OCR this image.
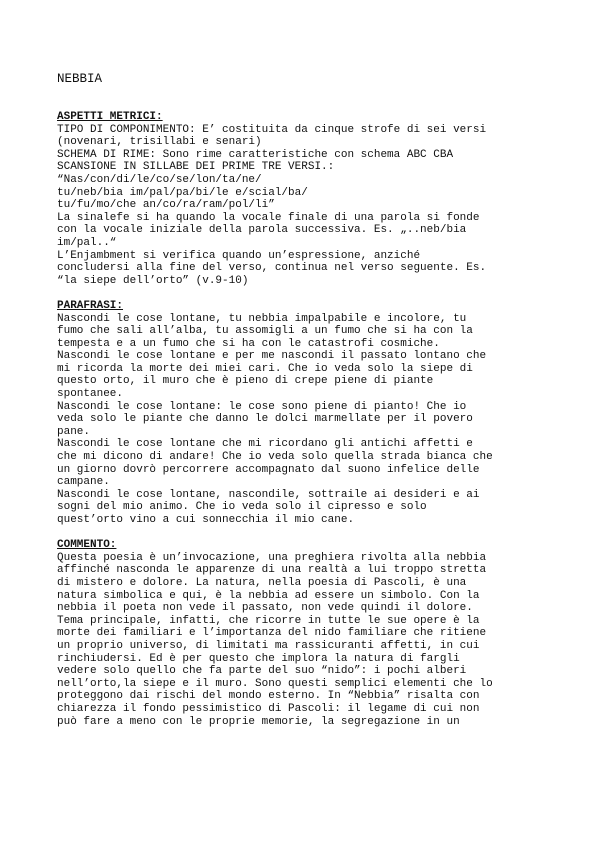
NEBBIA
ASPETTI METRICI:
TIPO DI COMPONIMENTO: E’ costituita da cinque strofe di sei versi
(novenari, trisillabi e senari)
SCHEMA DI RIME: Sono rime caratteristiche con schema ABC CBA
SCANSIONE IN SILLABE DEI PRIME TRE VERSI.:
“Nas/con/di/le/co/se/lon/ta/ne/
tu/neb/bia im/pal/pa/bi/le e/scial/ba/
tu/fu/mo/che an/co/ra/ram/pol/li”
La sinalefe si ha quando la vocale finale di una parola si fonde
con la vocale iniziale della parola successiva. Es. „..neb/bia
im/pal..“
L’Enjambment si verifica quando un’espressione, anziché
concludersi alla fine del verso, continua nel verso seguente. Es.
“la siepe dell’orto” (v.9-10)
PARAFRASI:
Nascondi le cose lontane, tu nebbia impalpabile e incolore, tu
fumo che sali all’alba, tu assomigli a un fumo che si ha con la
tempesta e a un fumo che si ha con le catastrofi cosmiche.
Nascondi le cose lontane e per me nascondi il passato lontano che
mi ricorda la morte dei miei cari. Che io veda solo la siepe di
questo orto, il muro che è pieno di crepe piene di piante
spontanee.
Nascondi le cose lontane: le cose sono piene di pianto! Che io
veda solo le piante che danno le dolci marmellate per il povero
pane.
Nascondi le cose lontane che mi ricordano gli antichi affetti e
che mi dicono di andare! Che io veda solo quella strada bianca che
un giorno dovrò percorrere accompagnato dal suono infelice delle
campane.
Nascondi le cose lontane, nascondile, sottraile ai desideri e ai
sogni del mio animo. Che io veda solo il cipresso e solo
quest’orto vino a cui sonnecchia il mio cane.
COMMENTO:
Questa poesia è un’invocazione, una preghiera rivolta alla nebbia
affinché nasconda le apparenze di una realtà a lui troppo stretta
di mistero e dolore. La natura, nella poesia di Pascoli, è una
natura simbolica e qui, è la nebbia ad essere un simbolo. Con la
nebbia il poeta non vede il passato, non vede quindi il dolore.
Tema principale, infatti, che ricorre in tutte le sue opere è la
morte dei familiari e l’importanza del nido familiare che ritiene
un proprio universo, di limitati ma rassicuranti affetti, in cui
rinchiudersi. Ed è per questo che implora la natura di fargli
vedere solo quello che fa parte del suo “nido”: i pochi alberi
nell’orto,la siepe e il muro. Sono questi semplici elementi che lo
proteggono dai rischi del mondo esterno. In “Nebbia” risalta con
chiarezza il fondo pessimistico di Pascoli: il legame di cui non
può fare a meno con le proprie memorie, la segregazione in un
